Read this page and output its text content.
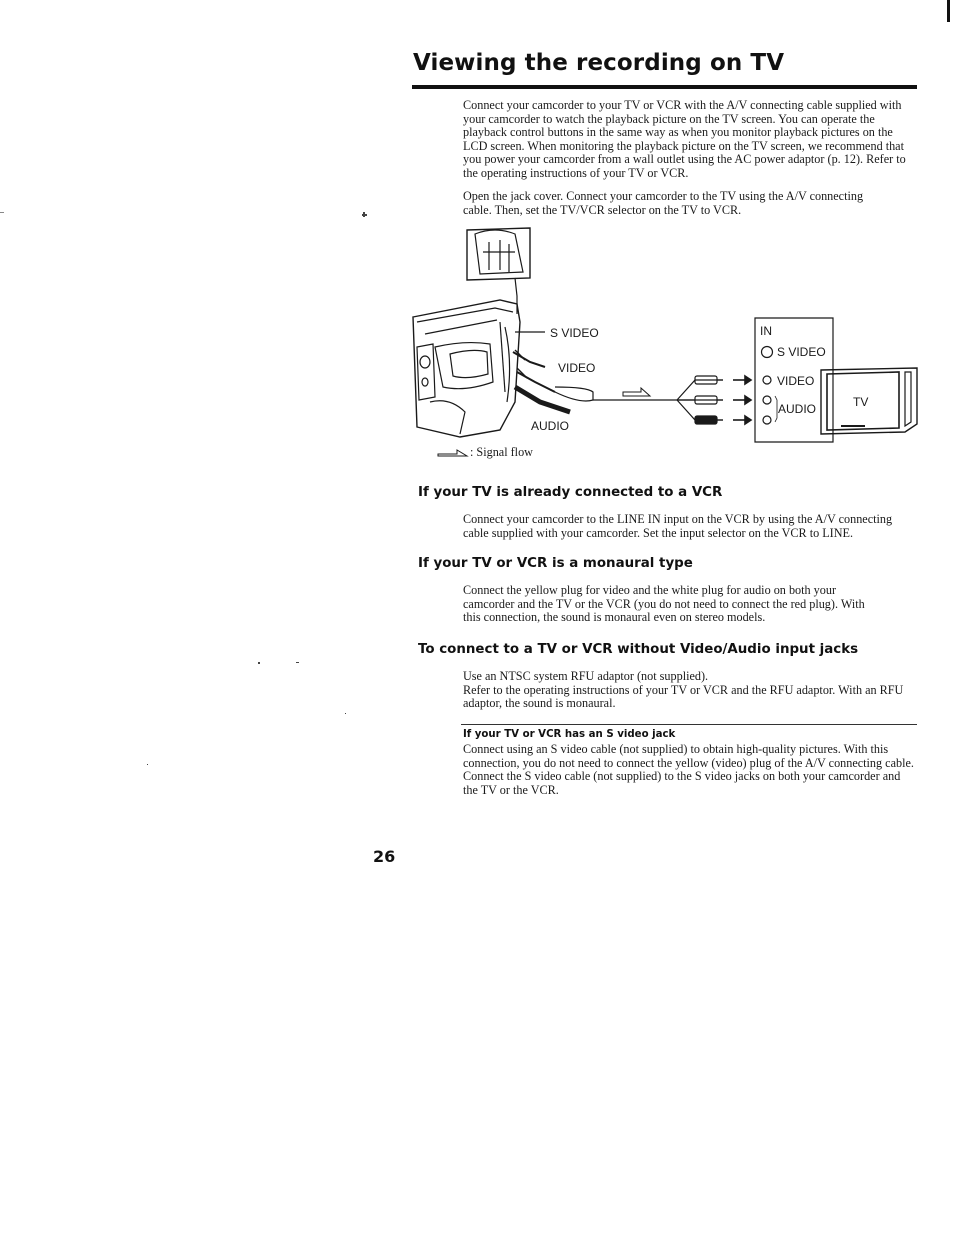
Viewing the recording on TV

Connect your camcorder to your TV or VCR with the A/V connecting cable supplied with your camcorder to watch the playback picture on the TV screen. You can operate the playback control buttons in the same way as when you monitor playback pictures on the LCD screen. When monitoring the playback picture on the TV screen, we recommend that you power your camcorder from a wall outlet using the AC power adaptor (p. 12). Refer to the operating instructions of your TV or VCR.

Open the jack cover. Connect your camcorder to the TV using the A/V connecting cable. Then, set the TV/VCR selector on the TV to VCR.

S VIDEO
VIDEO
AUDIO
IN
S VIDEO
VIDEO
AUDIO	TV
: Signal flow
If your TV is already connected to a VCR

Connect your camcorder to the LINE IN input on the VCR by using the A/V connecting cable supplied with your camcorder. Set the input selector on the VCR to LINE.

If your TV or VCR is a monaural type

Connect the yellow plug for video and the white plug for audio on both your camcorder and the TV or the VCR (you do not need to connect the red plug). With this connection, the sound is monaural even on stereo models.

To connect to a TV or VCR without Video/Audio input jacks

Use an NTSC system RFU adaptor (not supplied).

Refer to the operating instructions of your TV or VCR and the RFU adaptor. With an RFU adaptor, the sound is monaural.

If your TV or VCR has an S video jack

Connect using an S video cable (not supplied) to obtain high-quality pictures. With this connection, you do not need to connect the yellow (video) plug of the A/V connecting cable.

Connect the S video cable (not supplied) to the S video jacks on both your camcorder and the TV or the VCR.

26
